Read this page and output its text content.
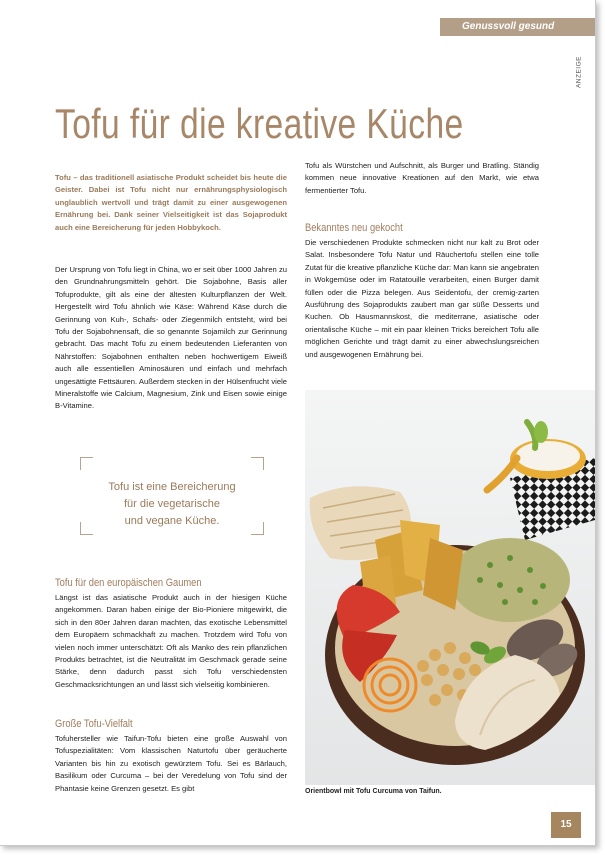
Genussvoll gesund
ANZEIGE
Tofu für die kreative Küche

Tofu – das traditionell asiatische Produkt scheidet bis heute die Geister. Dabei ist Tofu nicht nur ernährungsphysiologisch unglaublich wertvoll und trägt damit zu einer ausgewogenen Ernährung bei. Dank seiner Vielseitigkeit ist das Sojaprodukt auch eine Bereicherung für jeden Hobbykoch.

Der Ursprung von Tofu liegt in China, wo er seit über 1000 Jahren zu den Grundnahrungsmitteln gehört. Die Sojabohne, Basis aller Tofuprodukte, gilt als eine der ältesten Kulturpflanzen der Welt. Hergestellt wird Tofu ähnlich wie Käse: Während Käse durch die Gerinnung von Kuh-, Schafs- oder Ziegenmilch entsteht, wird bei Tofu der Sojabohnensaft, die so genannte Sojamilch zur Gerinnung gebracht. Das macht Tofu zu einem bedeutenden Lieferanten von Nährstoffen: Sojabohnen enthalten neben hochwertigem Eiweiß auch alle essentiellen Aminosäuren und einfach und mehrfach ungesättigte Fettsäuren. Außerdem stecken in der Hülsenfrucht viele Mineralstoffe wie Calcium, Magnesium, Zink und Eisen sowie einige B-Vitamine.

Tofu ist eine Bereicherung
für die vegetarische
und vegane Küche.
Tofu für den europäischen Gaumen

Längst ist das asiatische Produkt auch in der hiesigen Küche angekommen. Daran haben einige der Bio-Pioniere mitgewirkt, die sich in den 80er Jahren daran machten, das exotische Lebensmittel dem Europäern schmackhaft zu machen. Trotzdem wird Tofu von vielen noch immer unterschätzt: Oft als Manko des rein pflanzlichen Produkts betrachtet, ist die Neutralität im Geschmack gerade seine Stärke, denn dadurch passt sich Tofu verschiedensten Geschmacksrichtungen an und lässt sich vielseitig kombinieren.

Große Tofu-Vielfalt

Tofuhersteller wie Taifun-Tofu bieten eine große Auswahl von Tofuspezialitäten: Vom klassischen Naturtofu über geräucherte Varianten bis hin zu exotisch gewürztem Tofu. Sei es Bärlauch, Basilikum oder Curcuma – bei der Veredelung von Tofu sind der Phantasie keine Grenzen gesetzt. Es gibt

Tofu als Würstchen und Aufschnitt, als Burger und Bratling. Ständig kommen neue innovative Kreationen auf den Markt, wie etwa fermentierter Tofu.

Bekanntes neu gekocht

Die verschiedenen Produkte schmecken nicht nur kalt zu Brot oder Salat. Insbesondere Tofu Natur und Räuchertofu stellen eine tolle Zutat für die kreative pflanzliche Küche dar: Man kann sie angebraten in Wokgemüse oder im Ratatouille verarbeiten, einen Burger damit füllen oder die Pizza belegen. Aus Seidentofu, der cremig-zarten Ausführung des Sojaprodukts zaubert man gar süße Desserts und Kuchen. Ob Hausmannskost, die mediterrane, asiatische oder orientalische Küche – mit ein paar kleinen Tricks bereichert Tofu alle möglichen Gerichte und trägt damit zu einer abwechslungsreichen und ausgewogenen Ernährung bei.

Orientbowl mit Tofu Curcuma von Taifun.
15
